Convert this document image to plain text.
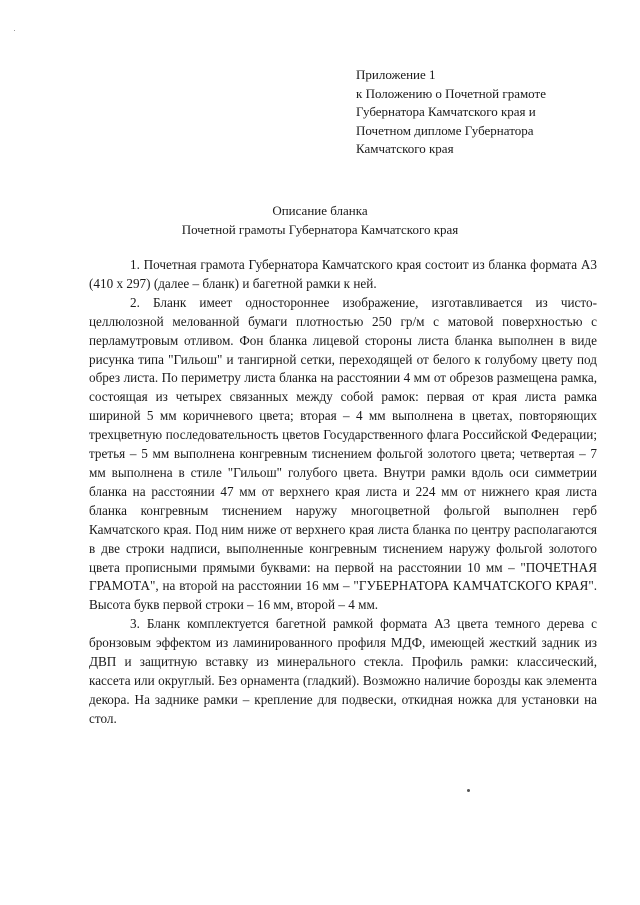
Приложение 1
к Положению о Почетной грамоте
Губернатора Камчатского края и
Почетном дипломе Губернатора
Камчатского края
Описание бланка
Почетной грамоты Губернатора Камчатского края

1. Почетная грамота Губернатора Камчатского края состоит из бланка формата А3 (410 х 297) (далее – бланк) и багетной рамки к ней.

2. Бланк имеет одностороннее изображение, изготавливается из чисто-целлюлозной мелованной бумаги плотностью 250 гр/м с матовой поверхностью с перламутровым отливом. Фон бланка лицевой стороны листа бланка выполнен в виде рисунка типа "Гильош" и тангирной сетки, переходящей от белого к голубому цвету под обрез листа. По периметру листа бланка на расстоянии 4 мм от обрезов размещена рамка, состоящая из четырех связанных между собой рамок: первая от края листа рамка шириной 5 мм коричневого цвета; вторая – 4 мм выполнена в цветах, повторяющих трехцветную последовательность цветов Государственного флага Российской Федерации; третья – 5 мм выполнена конгревным тиснением фольгой золотого цвета; четвертая – 7 мм выполнена в стиле "Гильош" голубого цвета. Внутри рамки вдоль оси симметрии бланка на расстоянии 47 мм от верхнего края листа и 224 мм от нижнего края листа бланка конгревным тиснением наружу многоцветной фольгой выполнен герб Камчатского края. Под ним ниже от верхнего края листа бланка по центру располагаются в две строки надписи, выполненные конгревным тиснением наружу фольгой золотого цвета прописными прямыми буквами: на первой на расстоянии 10 мм – "ПОЧЕТНАЯ ГРАМОТА", на второй на расстоянии 16 мм – "ГУБЕРНАТОРА КАМЧАТСКОГО КРАЯ". Высота букв первой строки – 16 мм, второй – 4 мм.

3. Бланк комплектуется багетной рамкой формата А3 цвета темного дерева с бронзовым эффектом из ламинированного профиля МДФ, имеющей жесткий задник из ДВП и защитную вставку из минерального стекла. Профиль рамки: классический, кассета или округлый. Без орнамента (гладкий). Возможно наличие борозды как элемента декора. На заднике рамки – крепление для подвески, откидная ножка для установки на стол.
